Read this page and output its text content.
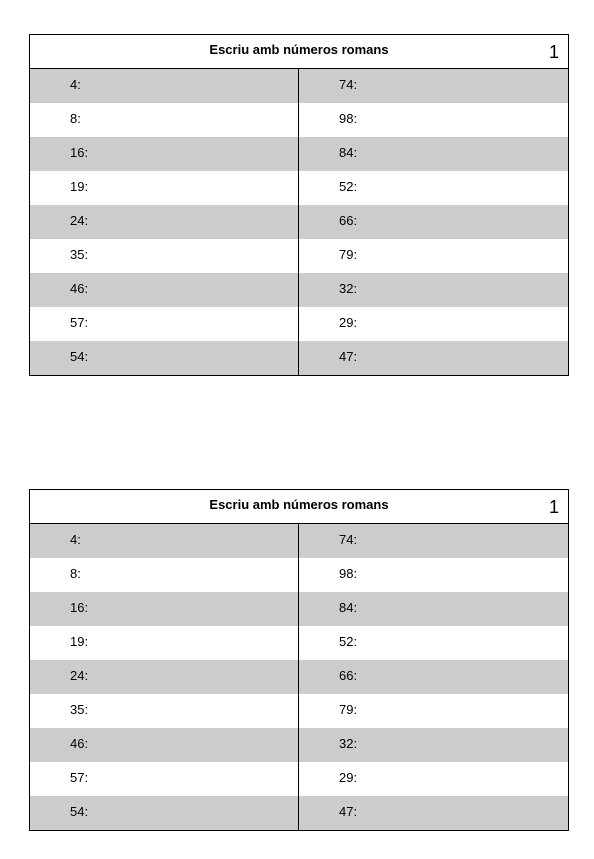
Escriu amb números romans	1
4:	74:
8:	98:
16:	84:
19:	52:
24:	66:
35:	79:
46:	32:
57:	29:
54:	47:
Escriu amb números romans	1
4:	74:
8:	98:
16:	84:
19:	52:
24:	66:
35:	79:
46:	32:
57:	29:
54:	47:
